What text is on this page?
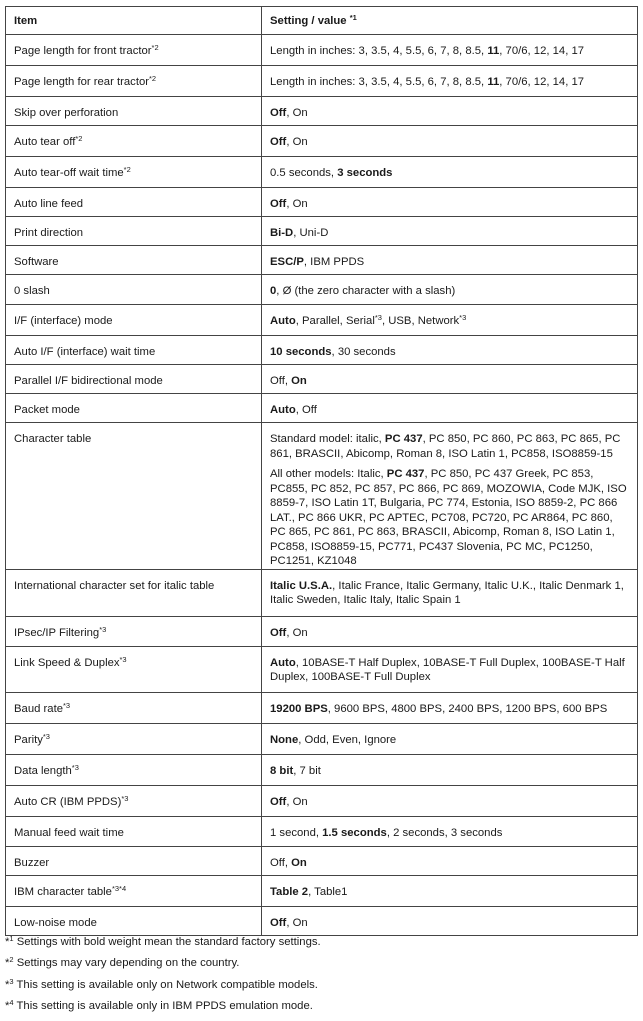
Item	Setting / value $^{*1}$
Page length for front tractor$^{*2}$	Length in inches: 3, 3.5, 4, 5.5, 6, 7, 8, 8.5, 11, 70/6, 12, 14, 17
Page length for rear tractor$^{*2}$	Length in inches: 3, 3.5, 4, 5.5, 6, 7, 8, 8.5, 11, 70/6, 12, 14, 17
Skip over perforation	Off, On
Auto tear off$^{*2}$	Off, On
Auto tear-off wait time$^{*2}$	0.5 seconds, 3 seconds
Auto line feed	Off, On
Print direction	Bi-D, Uni-D
Software	ESC/P, IBM PPDS
0 slash	0, Ø (the zero character with a slash)
I/F (interface) mode	Auto, Parallel, Serial$^{*3}$, USB, Network$^{*3}$
Auto I/F (interface) wait time	10 seconds, 30 seconds
Parallel I/F bidirectional mode	Off, On
Packet mode	Auto, Off
Character table	Standard model: italic, PC 437, PC 850, PC 860, PC 863, PC 865, PC 861, BRASCII, Abicomp, Roman 8, ISO Latin 1, PC858, ISO8859-15

All other models: Italic, PC 437, PC 850, PC 437 Greek, PC 853, PC855, PC 852, PC 857, PC 866, PC 869, MOZOWIA, Code MJK, ISO 8859-7, ISO Latin 1T, Bulgaria, PC 774, Estonia, ISO 8859-2, PC 866 LAT., PC 866 UKR, PC APTEC, PC708, PC720, PC AR864, PC 860, PC 865, PC 861, PC 863, BRASCII, Abicomp, Roman 8, ISO Latin 1, PC858, ISO8859-15, PC771, PC437 Slovenia, PC MC, PC1250, PC1251, KZ1048

International character set for italic table	Italic U.S.A., Italic France, Italic Germany, Italic U.K., Italic Denmark 1, Italic Sweden, Italic Italy, Italic Spain 1
IPsec/IP Filtering$^{*3}$	Off, On
Link Speed & Duplex$^{*3}$	Auto, 10BASE-T Half Duplex, 10BASE-T Full Duplex, 100BASE-T Half Duplex, 100BASE-T Full Duplex
Baud rate$^{*3}$	19200 BPS, 9600 BPS, 4800 BPS, 2400 BPS, 1200 BPS, 600 BPS
Parity$^{*3}$	None, Odd, Even, Ignore
Data length$^{*3}$	8 bit, 7 bit
Auto CR (IBM PPDS)$^{*3}$	Off, On
Manual feed wait time	1 second, 1.5 seconds, 2 seconds, 3 seconds
Buzzer	Off, On
IBM character table$^{*3*4}$	Table 2, Table1
Low-noise mode	Off, On
*$^1$ Settings with bold weight mean the standard factory settings.
*$^2$ Settings may vary depending on the country.
*$^3$ This setting is available only on Network compatible models.
*$^4$ This setting is available only in IBM PPDS emulation mode.
